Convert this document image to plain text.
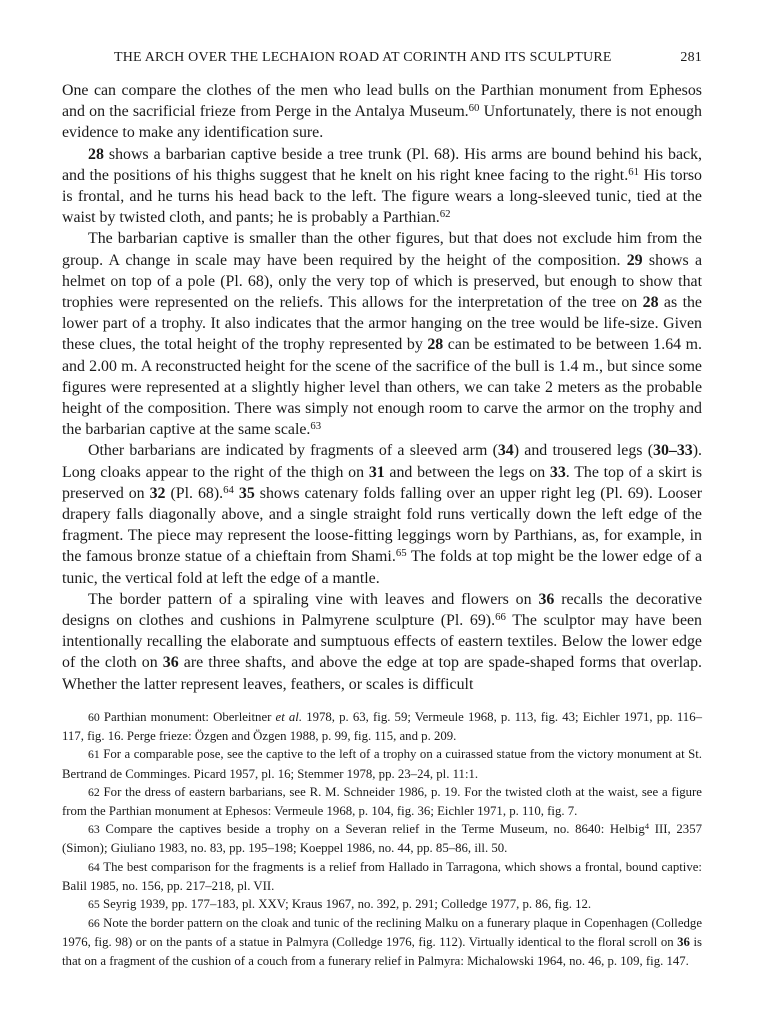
THE ARCH OVER THE LECHAION ROAD AT CORINTH AND ITS SCULPTURE	281

One can compare the clothes of the men who lead bulls on the Parthian monument from Ephesos and on the sacrificial frieze from Perge in the Antalya Museum.$^{60}$ Unfortunately, there is not enough evidence to make any identification sure.

28 shows a barbarian captive beside a tree trunk (Pl. 68). His arms are bound behind his back, and the positions of his thighs suggest that he knelt on his right knee facing to the right.$^{61}$ His torso is frontal, and he turns his head back to the left. The figure wears a long-sleeved tunic, tied at the waist by twisted cloth, and pants; he is probably a Parthian.$^{62}$

The barbarian captive is smaller than the other figures, but that does not exclude him from the group. A change in scale may have been required by the height of the composition. 29 shows a helmet on top of a pole (Pl. 68), only the very top of which is preserved, but enough to show that trophies were represented on the reliefs. This allows for the interpretation of the tree on 28 as the lower part of a trophy. It also indicates that the armor hanging on the tree would be life-size. Given these clues, the total height of the trophy represented by 28 can be estimated to be between 1.64 m. and 2.00 m. A reconstructed height for the scene of the sacrifice of the bull is 1.4 m., but since some figures were represented at a slightly higher level than others, we can take 2 meters as the probable height of the composition. There was simply not enough room to carve the armor on the trophy and the barbarian captive at the same scale.$^{63}$

Other barbarians are indicated by fragments of a sleeved arm (34) and trousered legs (30–33). Long cloaks appear to the right of the thigh on 31 and between the legs on 33. The top of a skirt is preserved on 32 (Pl. 68).$^{64}$ 35 shows catenary folds falling over an upper right leg (Pl. 69). Looser drapery falls diagonally above, and a single straight fold runs vertically down the left edge of the fragment. The piece may represent the loose-fitting leggings worn by Parthians, as, for example, in the famous bronze statue of a chieftain from Shami.$^{65}$ The folds at top might be the lower edge of a tunic, the vertical fold at left the edge of a mantle.

The border pattern of a spiraling vine with leaves and flowers on 36 recalls the decorative designs on clothes and cushions in Palmyrene sculpture (Pl. 69).$^{66}$ The sculptor may have been intentionally recalling the elaborate and sumptuous effects of eastern textiles. Below the lower edge of the cloth on 36 are three shafts, and above the edge at top are spade-shaped forms that overlap. Whether the latter represent leaves, feathers, or scales is difficult

60 Parthian monument: Oberleitner et al. 1978, p. 63, fig. 59; Vermeule 1968, p. 113, fig. 43; Eichler 1971, pp. 116–117, fig. 16. Perge frieze: Özgen and Özgen 1988, p. 99, fig. 115, and p. 209.

61 For a comparable pose, see the captive to the left of a trophy on a cuirassed statue from the victory monument at St. Bertrand de Comminges. Picard 1957, pl. 16; Stemmer 1978, pp. 23–24, pl. 11:1.

62 For the dress of eastern barbarians, see R. M. Schneider 1986, p. 19. For the twisted cloth at the waist, see a figure from the Parthian monument at Ephesos: Vermeule 1968, p. 104, fig. 36; Eichler 1971, p. 110, fig. 7.

63 Compare the captives beside a trophy on a Severan relief in the Terme Museum, no. 8640: Helbig$^4$ III, 2357 (Simon); Giuliano 1983, no. 83, pp. 195–198; Koeppel 1986, no. 44, pp. 85–86, ill. 50.

64 The best comparison for the fragments is a relief from Hallado in Tarragona, which shows a frontal, bound captive: Balil 1985, no. 156, pp. 217–218, pl. VII.

65 Seyrig 1939, pp. 177–183, pl. XXV; Kraus 1967, no. 392, p. 291; Colledge 1977, p. 86, fig. 12.

66 Note the border pattern on the cloak and tunic of the reclining Malku on a funerary plaque in Copenhagen (Colledge 1976, fig. 98) or on the pants of a statue in Palmyra (Colledge 1976, fig. 112). Virtually identical to the floral scroll on 36 is that on a fragment of the cushion of a couch from a funerary relief in Palmyra: Michalowski 1964, no. 46, p. 109, fig. 147.
